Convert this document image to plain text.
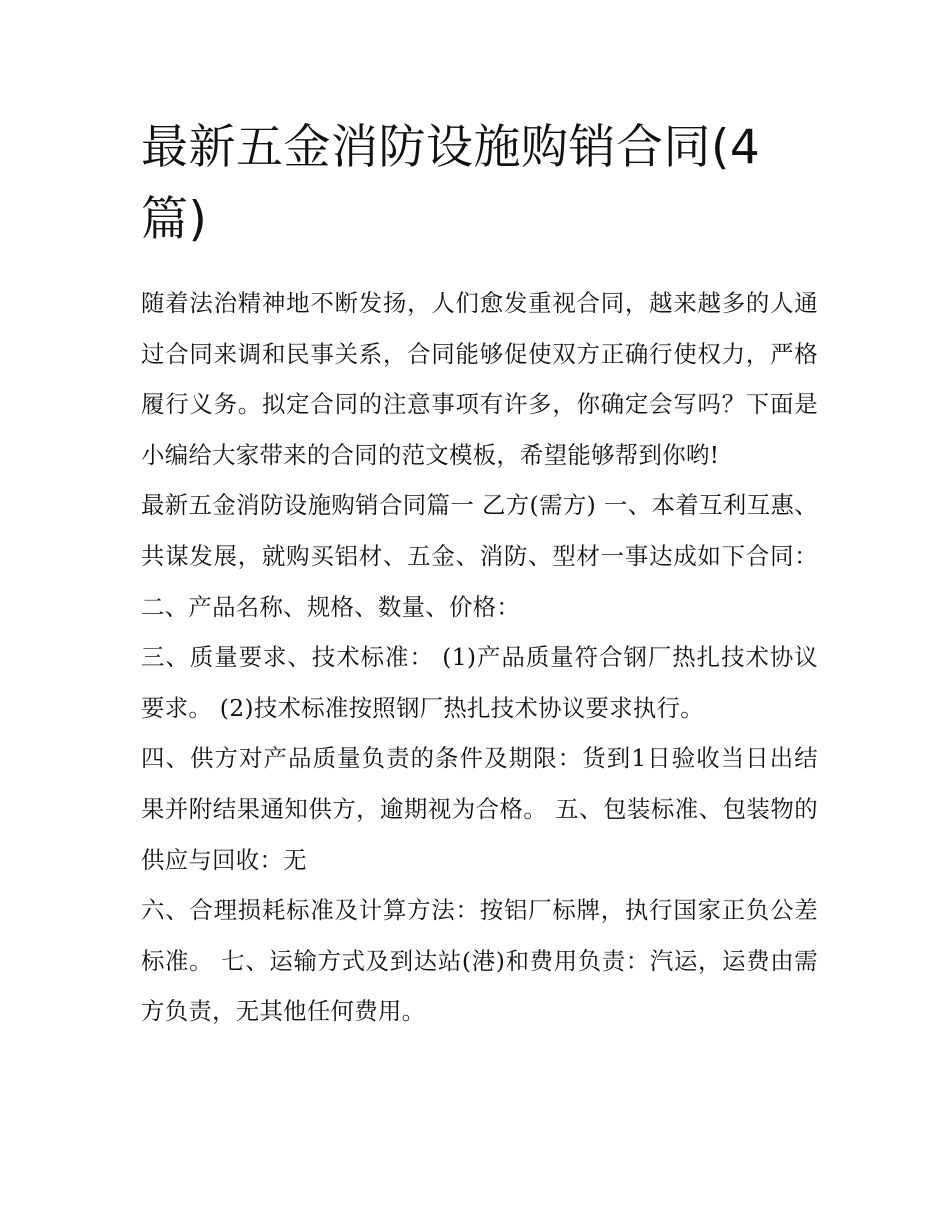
最新五金消防设施购销合同(4篇)

随着法治精神地不断发扬，人们愈发重视合同，越来越多的人通过合同来调和民事关系，合同能够促使双方正确行使权力，严格履行义务。拟定合同的注意事项有许多，你确定会写吗？下面是小编给大家带来的合同的范文模板，希望能够帮到你哟!

最新五金消防设施购销合同篇一 乙方(需方) 一、本着互利互惠、共谋发展，就购买铝材、五金、消防、型材一事达成如下合同： 二、产品名称、规格、数量、价格：

三、质量要求、技术标准： (1)产品质量符合钢厂热扎技术协议要求。 (2)技术标准按照钢厂热扎技术协议要求执行。

四、供方对产品质量负责的条件及期限：货到1日验收当日出结果并附结果通知供方，逾期视为合格。 五、包装标准、包装物的供应与回收：无

六、合理损耗标准及计算方法：按铝厂标牌，执行国家正负公差标准。 七、运输方式及到达站(港)和费用负责：汽运，运费由需方负责，无其他任何费用。
